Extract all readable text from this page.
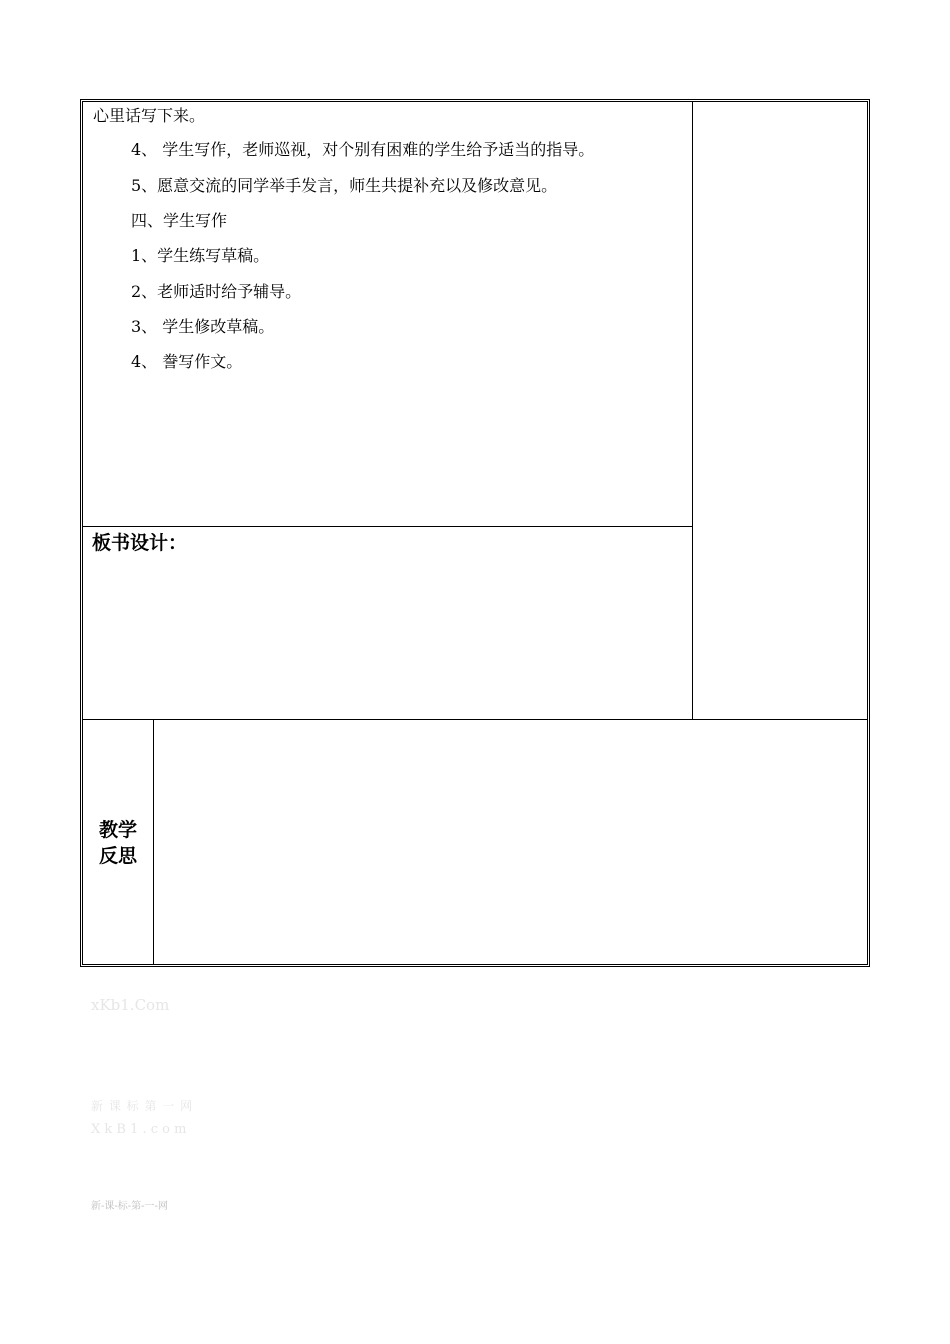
心里话写下来。
4、 学生写作，老师巡视，对个别有困难的学生给予适当的指导。
5、愿意交流的同学举手发言，师生共提补充以及修改意见。
四、学生写作
1、学生练写草稿。
2、老师适时给予辅导。
3、 学生修改草稿。
4、 誊写作文。
板书设计：
教学反思
xKb1.Com
新 课 标 第 一 网
X k B 1 . c o m
新-课-标-第-一-网
